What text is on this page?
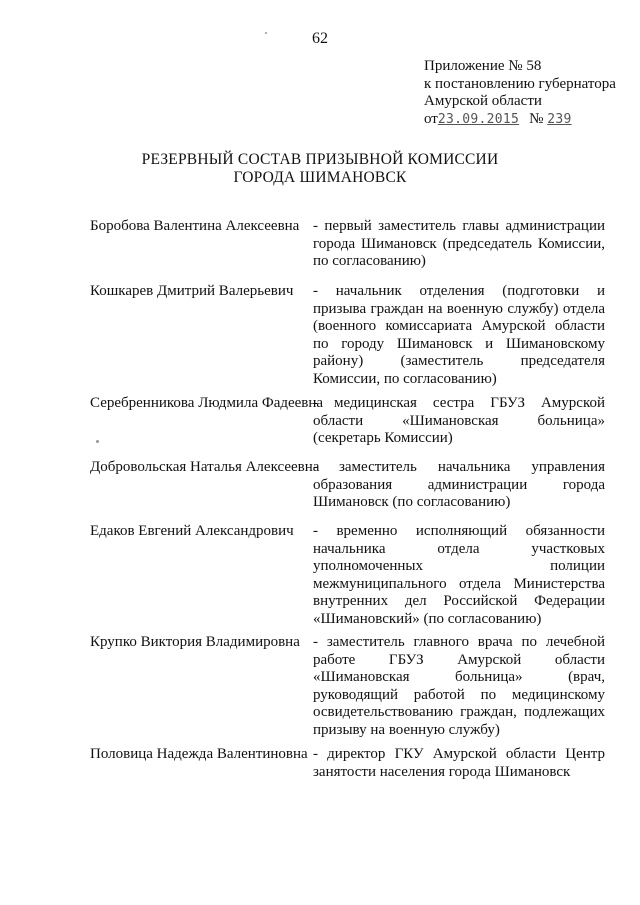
62
Приложение № 58
к постановлению губернатора
Амурской области
от23.09.2015 № 239
РЕЗЕРВНЫЙ СОСТАВ ПРИЗЫВНОЙ КОМИССИИ
ГОРОДА ШИМАНОВСК
Боробова Валентина Алексеевна - первый заместитель главы администрации города Шимановск (председатель Комиссии, по согласованию)
Кошкарев Дмитрий Валерьевич - начальник отделения (подготовки и призыва граждан на военную службу) отдела (военного комиссариата Амурской области по городу Шимановск и Шимановскому району) (заместитель председателя Комиссии, по согласованию)
Серебренникова Людмила Фадеевна
- медицинская сестра ГБУЗ Амурской области «Шимановская больница» (секретарь Комиссии)
Добровольская Наталья Алексеевна
- заместитель начальника управления образования администрации города Шимановск (по согласованию)
Едаков Евгений Александрович - временно исполняющий обязанности начальника отдела участковых уполномоченных полиции межмуниципального отдела Министерства внутренних дел Российской Федерации «Шимановский» (по согласованию)
Крупко Виктория Владимировна - заместитель главного врача по лечебной работе ГБУЗ Амурской области «Шимановская больница» (врач, руководящий работой по медицинскому освидетельствованию граждан, подлежащих призыву на военную службу)
Половица Надежда Валентиновна - директор ГКУ Амурской области Центр занятости населения города Шимановск
